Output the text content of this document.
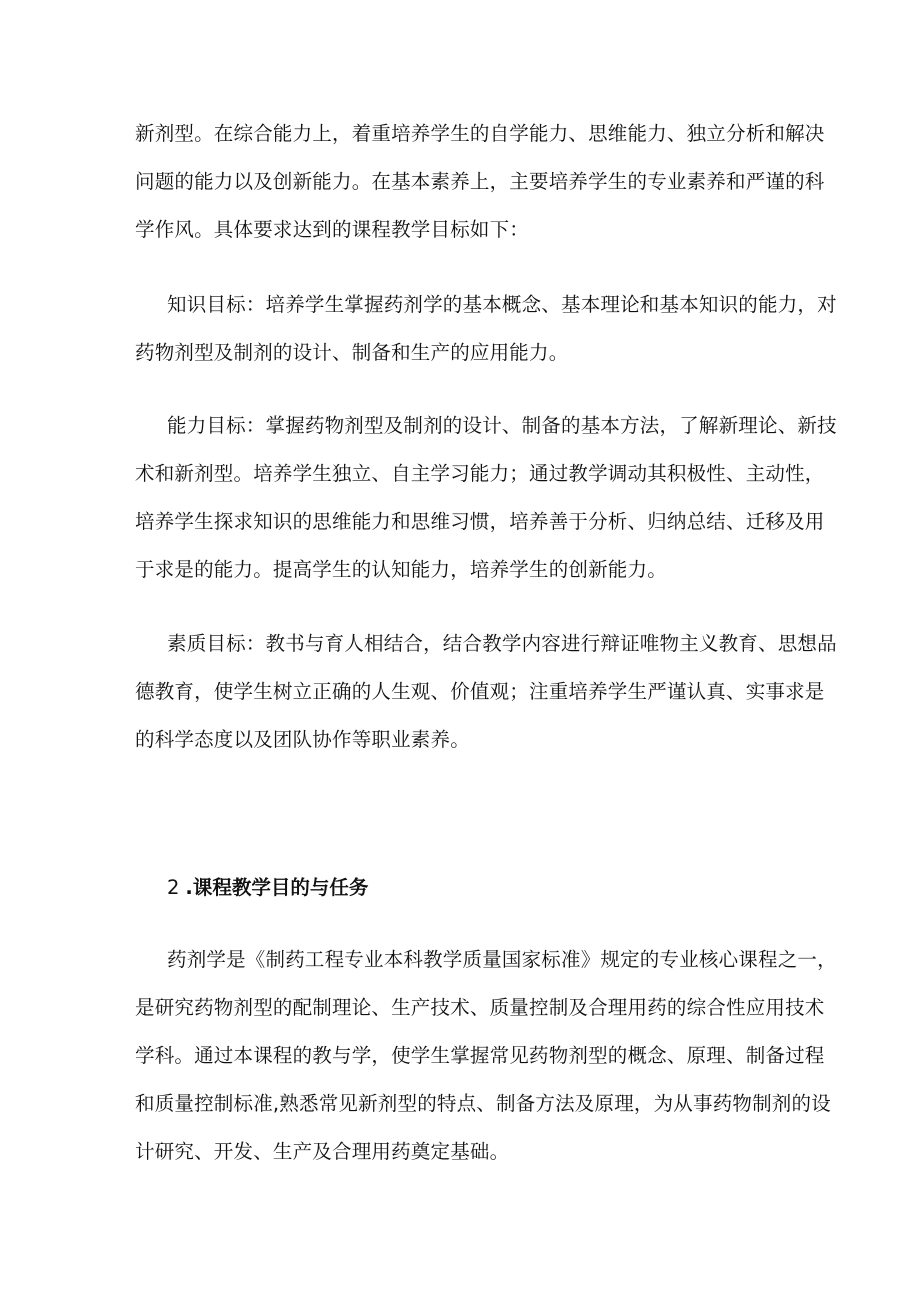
新剂型。在综合能力上，着重培养学生的自学能力、思维能力、独立分析和解决
问题的能力以及创新能力。在基本素养上，主要培养学生的专业素养和严谨的科
学作风。具体要求达到的课程教学目标如下：
知识目标：培养学生掌握药剂学的基本概念、基本理论和基本知识的能力，对
药物剂型及制剂的设计、制备和生产的应用能力。
能力目标：掌握药物剂型及制剂的设计、制备的基本方法，了解新理论、新技
术和新剂型。培养学生独立、自主学习能力；通过教学调动其积极性、主动性，
培养学生探求知识的思维能力和思维习惯，培养善于分析、归纳总结、迁移及用
于求是的能力。提高学生的认知能力，培养学生的创新能力。
素质目标：教书与育人相结合，结合教学内容进行辩证唯物主义教育、思想品
德教育，使学生树立正确的人生观、价值观；注重培养学生严谨认真、实事求是
的科学态度以及团队协作等职业素养。
2 .课程教学目的与任务
药剂学是《制药工程专业本科教学质量国家标准》规定的专业核心课程之一，
是研究药物剂型的配制理论、生产技术、质量控制及合理用药的综合性应用技术
学科。通过本课程的教与学，使学生掌握常见药物剂型的概念、原理、制备过程
和质量控制标准,熟悉常见新剂型的特点、制备方法及原理，为从事药物制剂的设
计研究、开发、生产及合理用药奠定基础。
